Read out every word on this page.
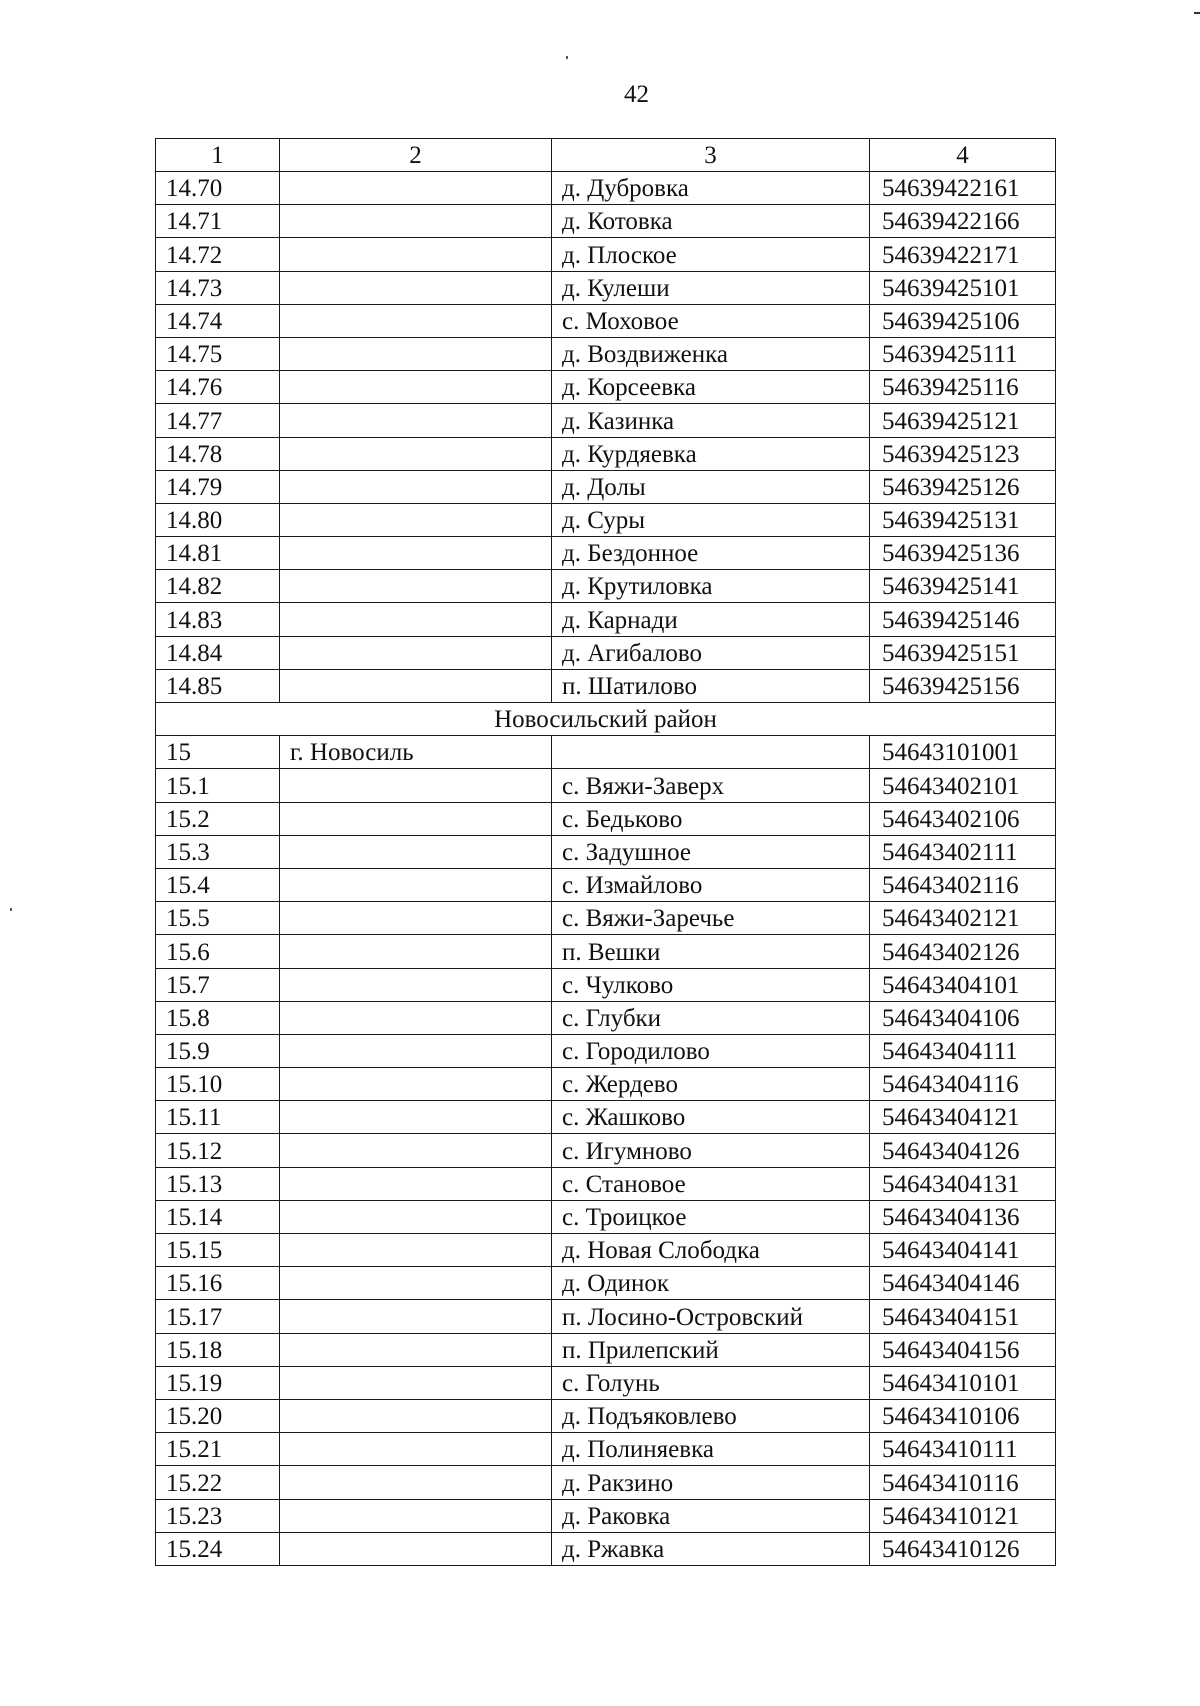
42
1	2	3	4
14.70		д. Дубровка	54639422161
14.71		д. Котовка	54639422166
14.72		д. Плоское	54639422171
14.73		д. Кулеши	54639425101
14.74		с. Моховое	54639425106
14.75		д. Воздвиженка	54639425111
14.76		д. Корсеевка	54639425116
14.77		д. Казинка	54639425121
14.78		д. Курдяевка	54639425123
14.79		д. Долы	54639425126
14.80		д. Суры	54639425131
14.81		д. Бездонное	54639425136
14.82		д. Крутиловка	54639425141
14.83		д. Карнади	54639425146
14.84		д. Агибалово	54639425151
14.85		п. Шатилово	54639425156
Новосильский район			
15	г. Новосиль		54643101001
15.1		с. Вяжи-Заверх	54643402101
15.2		с. Бедьково	54643402106
15.3		с. Задушное	54643402111
15.4		с. Измайлово	54643402116
15.5		с. Вяжи-Заречье	54643402121
15.6		п. Вешки	54643402126
15.7		с. Чулково	54643404101
15.8		с. Глубки	54643404106
15.9		с. Городилово	54643404111
15.10		с. Жердево	54643404116
15.11		с. Жашково	54643404121
15.12		с. Игумново	54643404126
15.13		с. Становое	54643404131
15.14		с. Троицкое	54643404136
15.15		д. Новая Слободка	54643404141
15.16		д. Одинок	54643404146
15.17		п. Лосино-Островский	54643404151
15.18		п. Прилепский	54643404156
15.19		с. Голунь	54643410101
15.20		д. Подъяковлево	54643410106
15.21		д. Полиняевка	54643410111
15.22		д. Ракзино	54643410116
15.23		д. Раковка	54643410121
15.24		д. Ржавка	54643410126
